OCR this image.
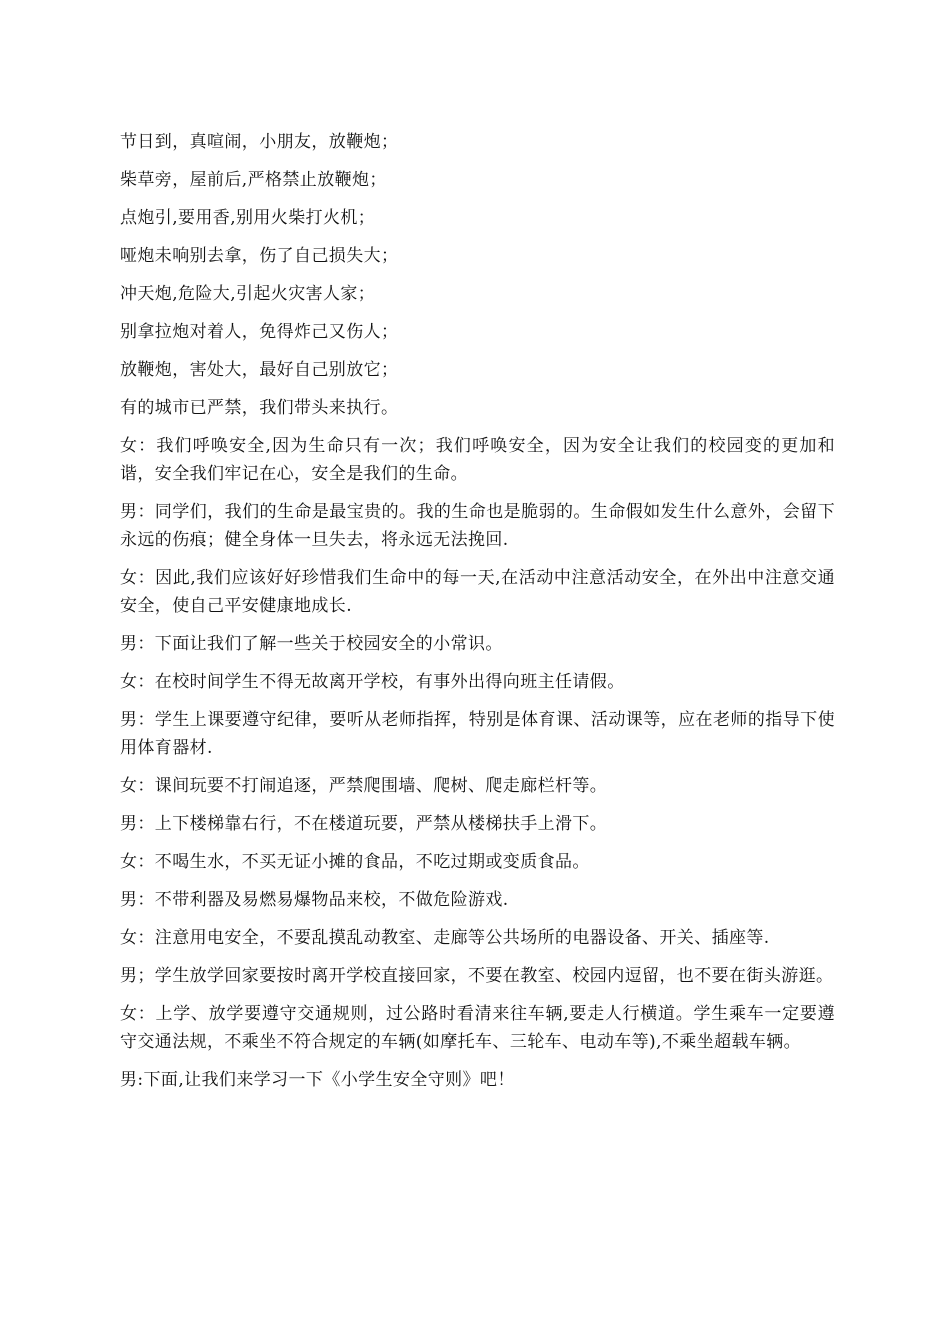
节日到，真喧闹，小朋友，放鞭炮；

柴草旁，屋前后,严格禁止放鞭炮；

点炮引,要用香,别用火柴打火机；

哑炮未响别去拿，伤了自己损失大；

冲天炮,危险大,引起火灾害人家；

别拿拉炮对着人，免得炸己又伤人；

放鞭炮，害处大，最好自己别放它；

有的城市已严禁，我们带头来执行。

女：我们呼唤安全,因为生命只有一次；我们呼唤安全，因为安全让我们的校园变的更加和谐，安全我们牢记在心，安全是我们的生命。

男：同学们，我们的生命是最宝贵的。我的生命也是脆弱的。生命假如发生什么意外，会留下永远的伤痕；健全身体一旦失去，将永远无法挽回.

女：因此,我们应该好好珍惜我们生命中的每一天,在活动中注意活动安全，在外出中注意交通安全，使自己平安健康地成长.

男：下面让我们了解一些关于校园安全的小常识。

女：在校时间学生不得无故离开学校，有事外出得向班主任请假。

男：学生上课要遵守纪律，要听从老师指挥，特别是体育课、活动课等，应在老师的指导下使用体育器材.

女：课间玩要不打闹追逐，严禁爬围墙、爬树、爬走廊栏杆等。

男：上下楼梯靠右行，不在楼道玩要，严禁从楼梯扶手上滑下。

女：不喝生水，不买无证小摊的食品，不吃过期或变质食品。

男：不带利器及易燃易爆物品来校，不做危险游戏.

女：注意用电安全，不要乱摸乱动教室、走廊等公共场所的电器设备、开关、插座等.

男；学生放学回家要按时离开学校直接回家，不要在教室、校园内逗留，也不要在街头游逛。

女：上学、放学要遵守交通规则，过公路时看清来往车辆,要走人行横道。学生乘车一定要遵守交通法规，不乘坐不符合规定的车辆(如摩托车、三轮车、电动车等),不乘坐超载车辆。

男:下面,让我们来学习一下《小学生安全守则》吧！
